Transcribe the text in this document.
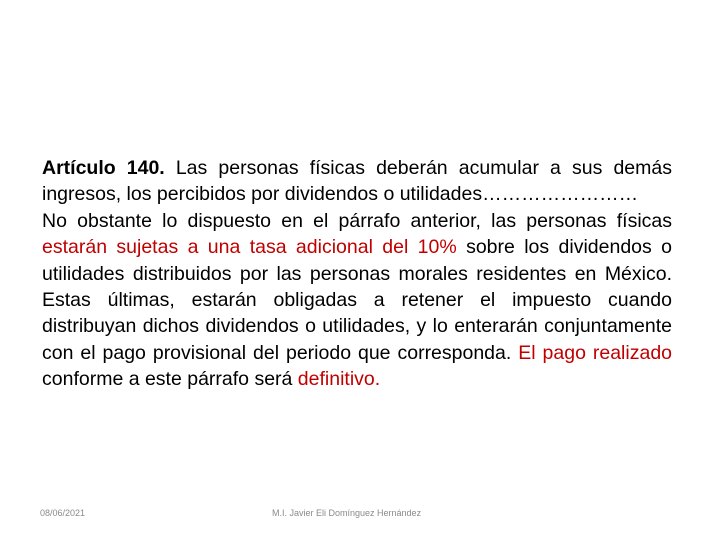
Artículo 140. Las personas físicas deberán acumular a sus demás ingresos, los percibidos por dividendos o utilidades……………………

No obstante lo dispuesto en el párrafo anterior, las personas físicas estarán sujetas a una tasa adicional del 10% sobre los dividendos o utilidades distribuidos por las personas morales residentes en México. Estas últimas, estarán obligadas a retener el impuesto cuando distribuyan dichos dividendos o utilidades, y lo enterarán conjuntamente con el pago provisional del periodo que corresponda. El pago realizado conforme a este párrafo será definitivo.

08/06/2021	M.I. Javier Eli Domínguez Hernández
